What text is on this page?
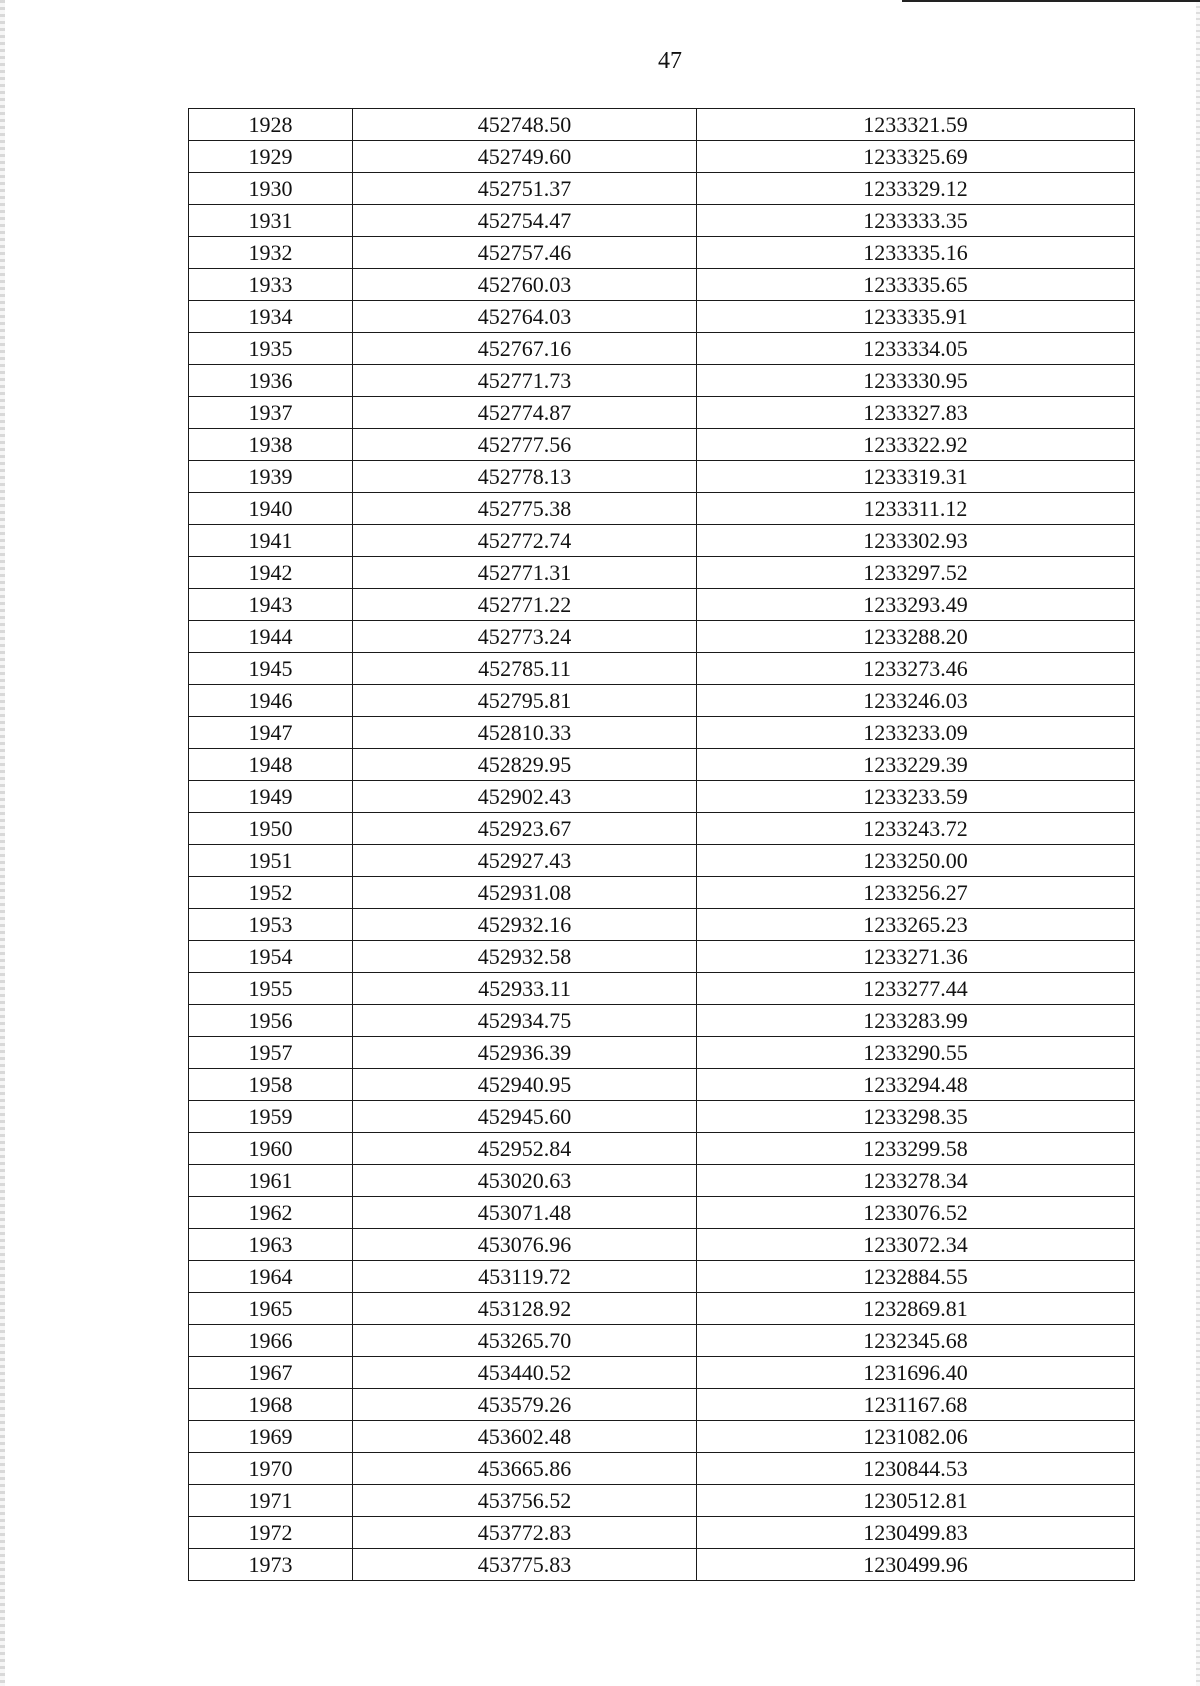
47
1928	452748.50	1233321.59
1929	452749.60	1233325.69
1930	452751.37	1233329.12
1931	452754.47	1233333.35
1932	452757.46	1233335.16
1933	452760.03	1233335.65
1934	452764.03	1233335.91
1935	452767.16	1233334.05
1936	452771.73	1233330.95
1937	452774.87	1233327.83
1938	452777.56	1233322.92
1939	452778.13	1233319.31
1940	452775.38	1233311.12
1941	452772.74	1233302.93
1942	452771.31	1233297.52
1943	452771.22	1233293.49
1944	452773.24	1233288.20
1945	452785.11	1233273.46
1946	452795.81	1233246.03
1947	452810.33	1233233.09
1948	452829.95	1233229.39
1949	452902.43	1233233.59
1950	452923.67	1233243.72
1951	452927.43	1233250.00
1952	452931.08	1233256.27
1953	452932.16	1233265.23
1954	452932.58	1233271.36
1955	452933.11	1233277.44
1956	452934.75	1233283.99
1957	452936.39	1233290.55
1958	452940.95	1233294.48
1959	452945.60	1233298.35
1960	452952.84	1233299.58
1961	453020.63	1233278.34
1962	453071.48	1233076.52
1963	453076.96	1233072.34
1964	453119.72	1232884.55
1965	453128.92	1232869.81
1966	453265.70	1232345.68
1967	453440.52	1231696.40
1968	453579.26	1231167.68
1969	453602.48	1231082.06
1970	453665.86	1230844.53
1971	453756.52	1230512.81
1972	453772.83	1230499.83
1973	453775.83	1230499.96
